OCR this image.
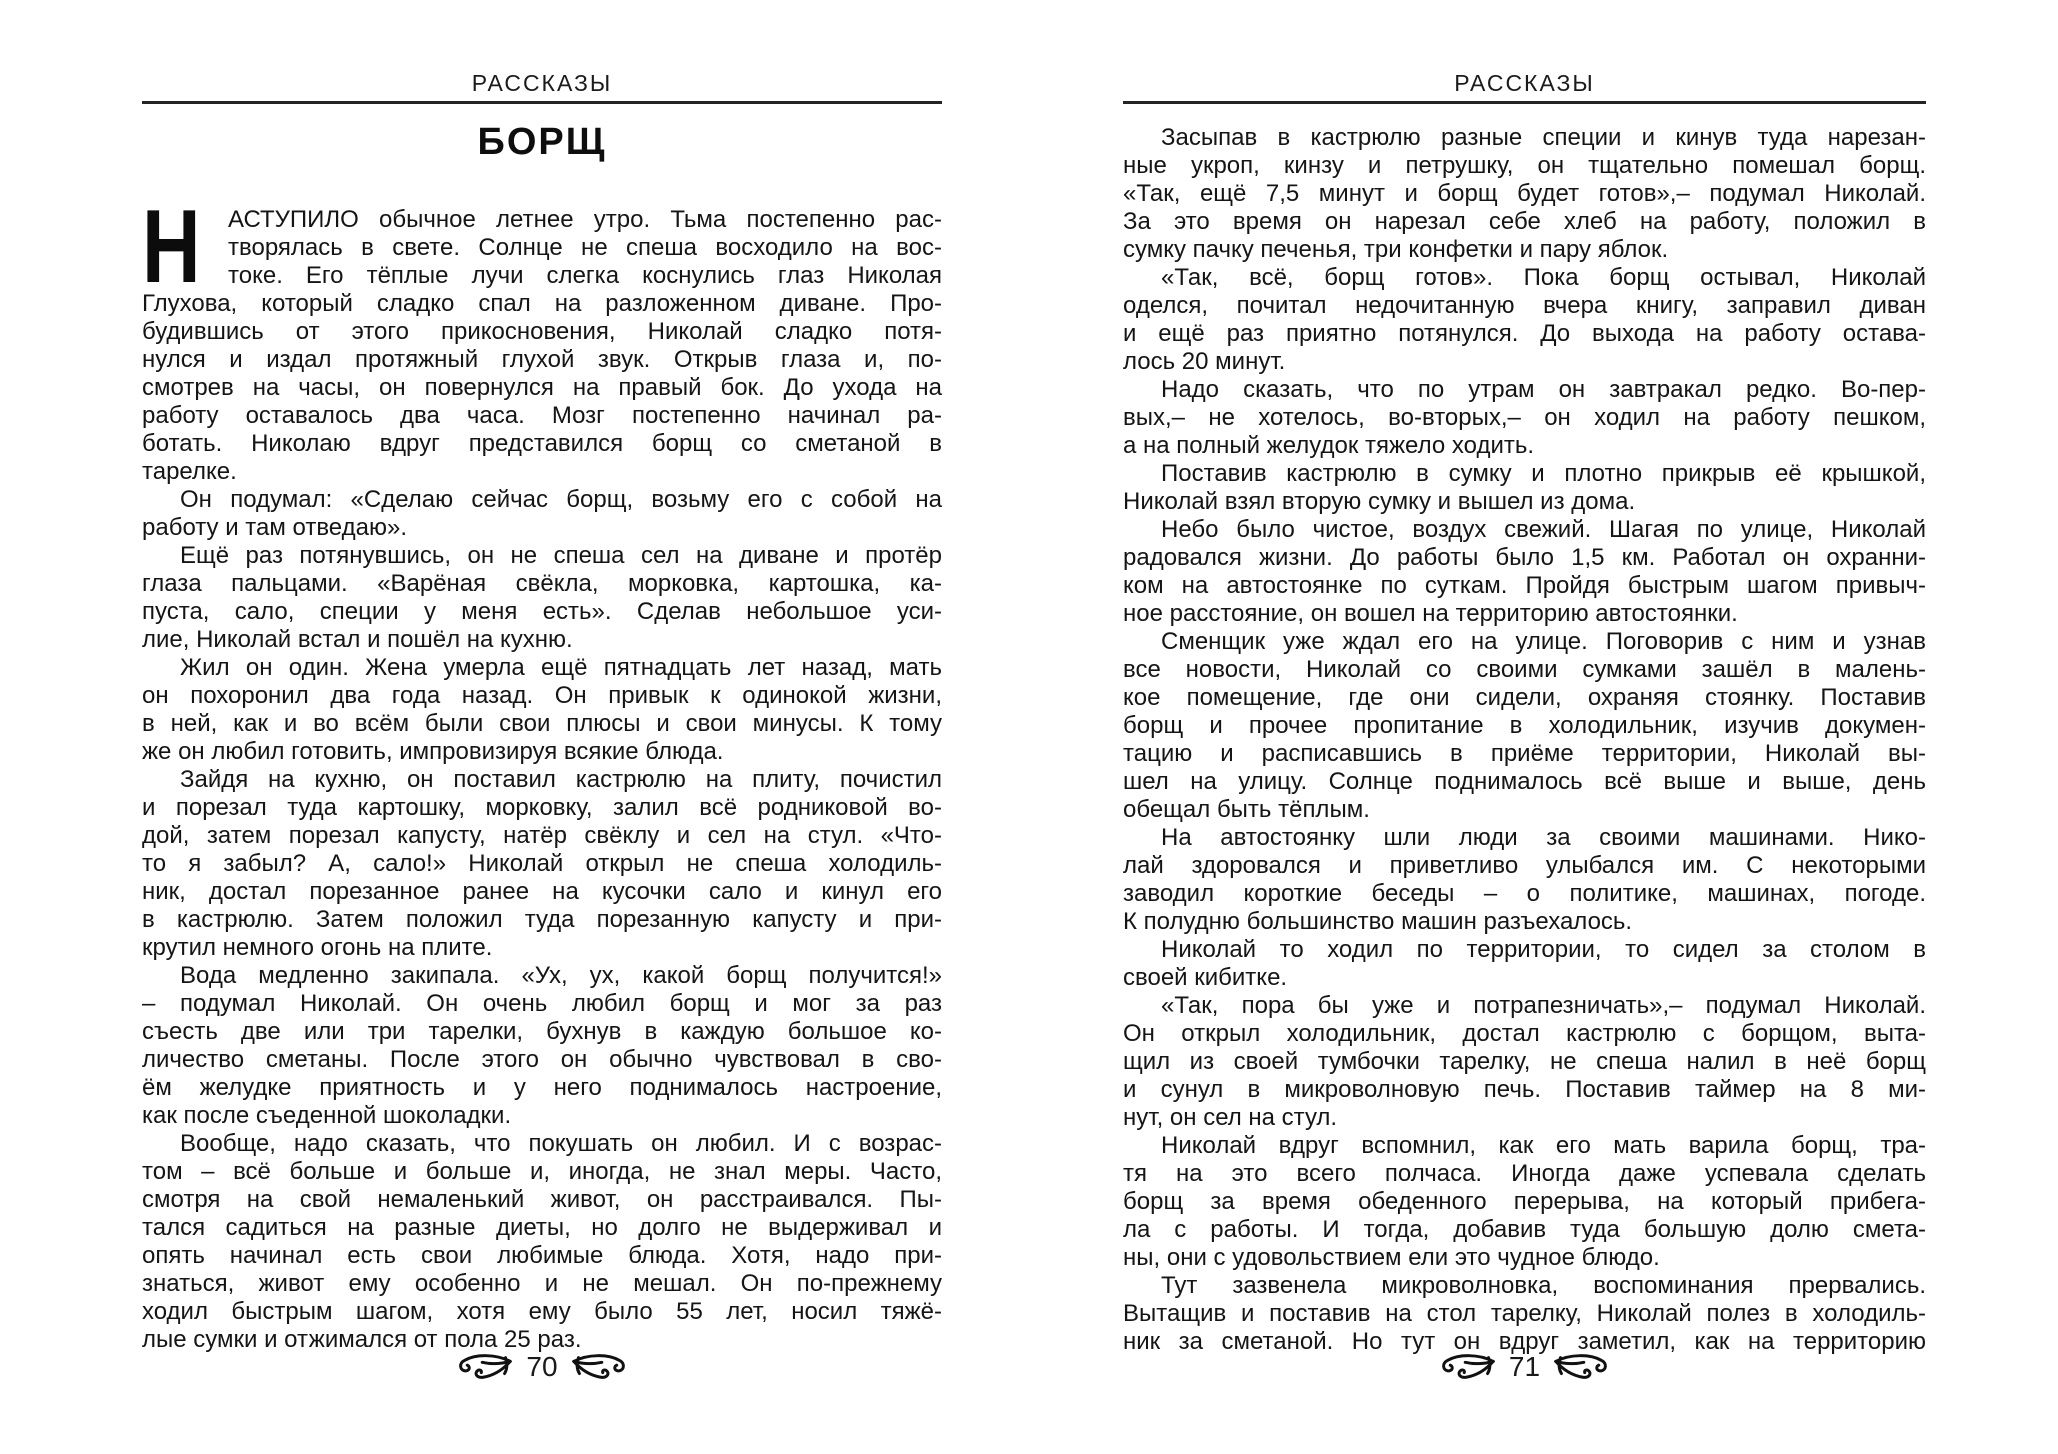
РАССКАЗЫ
БОРЩ
Н	АСТУПИЛО обычное летнее утро. Тьма постепенно рас-
творялась в свете. Солнце не спеша восходило на вос-
токе. Его тёплые лучи слегка коснулись глаз Николая
Глухова, который сладко спал на разложенном диване. Про-
будившись от этого прикосновения, Николай сладко потя-
нулся и издал протяжный глухой звук. Открыв глаза и, по-
смотрев на часы, он повернулся на правый бок. До ухода на
работу оставалось два часа. Мозг постепенно начинал ра-
ботать. Николаю вдруг представился борщ со сметаной в
тарелке.
Он подумал: «Сделаю сейчас борщ, возьму его с собой на
работу и там отведаю».
Ещё раз потянувшись, он не спеша сел на диване и протёр
глаза пальцами. «Варёная свёкла, морковка, картошка, ка-
пуста, сало, специи у меня есть». Сделав небольшое уси-
лие, Николай встал и пошёл на кухню.
Жил он один. Жена умерла ещё пятнадцать лет назад, мать
он похоронил два года назад. Он привык к одинокой жизни,
в ней, как и во всём были свои плюсы и свои минусы. К тому
же он любил готовить, импровизируя всякие блюда.
Зайдя на кухню, он поставил кастрюлю на плиту, почистил
и порезал туда картошку, морковку, залил всё родниковой во-
дой, затем порезал капусту, натёр свёклу и сел на стул. «Что-
то я забыл? А, сало!» Николай открыл не спеша холодиль-
ник, достал порезанное ранее на кусочки сало и кинул его
в кастрюлю. Затем положил туда порезанную капусту и при-
крутил немного огонь на плите.
Вода медленно закипала. «Ух, ух, какой борщ получится!»
– подумал Николай. Он очень любил борщ и мог за раз
съесть две или три тарелки, бухнув в каждую большое ко-
личество сметаны. После этого он обычно чувствовал в сво-
ём желудке приятность и у него поднималось настроение,
как после съеденной шоколадки.
Вообще, надо сказать, что покушать он любил. И с возрас-
том – всё больше и больше и, иногда, не знал меры. Часто,
смотря на свой немаленький живот, он расстраивался. Пы-
тался садиться на разные диеты, но долго не выдерживал и
опять начинал есть свои любимые блюда. Хотя, надо при-
знаться, живот ему особенно и не мешал. Он по-прежнему
ходил быстрым шагом, хотя ему было 55 лет, носил тяжё-
лые сумки и отжимался от пола 25 раз.
70
РАССКАЗЫ
Засыпав в кастрюлю разные специи и кинув туда нарезан-
ные укроп, кинзу и петрушку, он тщательно помешал борщ.
«Так, ещё 7,5 минут и борщ будет готов»,– подумал Николай.
За это время он нарезал себе хлеб на работу, положил в
сумку пачку печенья, три конфетки и пару яблок.
«Так, всё, борщ готов». Пока борщ остывал, Николай
оделся, почитал недочитанную вчера книгу, заправил диван
и ещё раз приятно потянулся. До выхода на работу остава-
лось 20 минут.
Надо сказать, что по утрам он завтракал редко. Во-пер-
вых,– не хотелось, во-вторых,– он ходил на работу пешком,
а на полный желудок тяжело ходить.
Поставив кастрюлю в сумку и плотно прикрыв её крышкой,
Николай взял вторую сумку и вышел из дома.
Небо было чистое, воздух свежий. Шагая по улице, Николай
радовался жизни. До работы было 1,5 км. Работал он охранни-
ком на автостоянке по суткам. Пройдя быстрым шагом привыч-
ное расстояние, он вошел на территорию автостоянки.
Сменщик уже ждал его на улице. Поговорив с ним и узнав
все новости, Николай со своими сумками зашёл в малень-
кое помещение, где они сидели, охраняя стоянку. Поставив
борщ и прочее пропитание в холодильник, изучив докумен-
тацию и расписавшись в приёме территории, Николай вы-
шел на улицу. Солнце поднималось всё выше и выше, день
обещал быть тёплым.
На автостоянку шли люди за своими машинами. Нико-
лай здоровался и приветливо улыбался им. С некоторыми
заводил короткие беседы – о политике, машинах, погоде.
К полудню большинство машин разъехалось.
Николай то ходил по территории, то сидел за столом в
своей кибитке.
«Так, пора бы уже и потрапезничать»,– подумал Николай.
Он открыл холодильник, достал кастрюлю с борщом, выта-
щил из своей тумбочки тарелку, не спеша налил в неё борщ
и сунул в микроволновую печь. Поставив таймер на 8 ми-
нут, он сел на стул.
Николай вдруг вспомнил, как его мать варила борщ, тра-
тя на это всего полчаса. Иногда даже успевала сделать
борщ за время обеденного перерыва, на который прибега-
ла с работы. И тогда, добавив туда большую долю смета-
ны, они с удовольствием ели это чудное блюдо.
Тут зазвенела микроволновка, воспоминания прервались.
Вытащив и поставив на стол тарелку, Николай полез в холодиль-
ник за сметаной. Но тут он вдруг заметил, как на территорию
71
